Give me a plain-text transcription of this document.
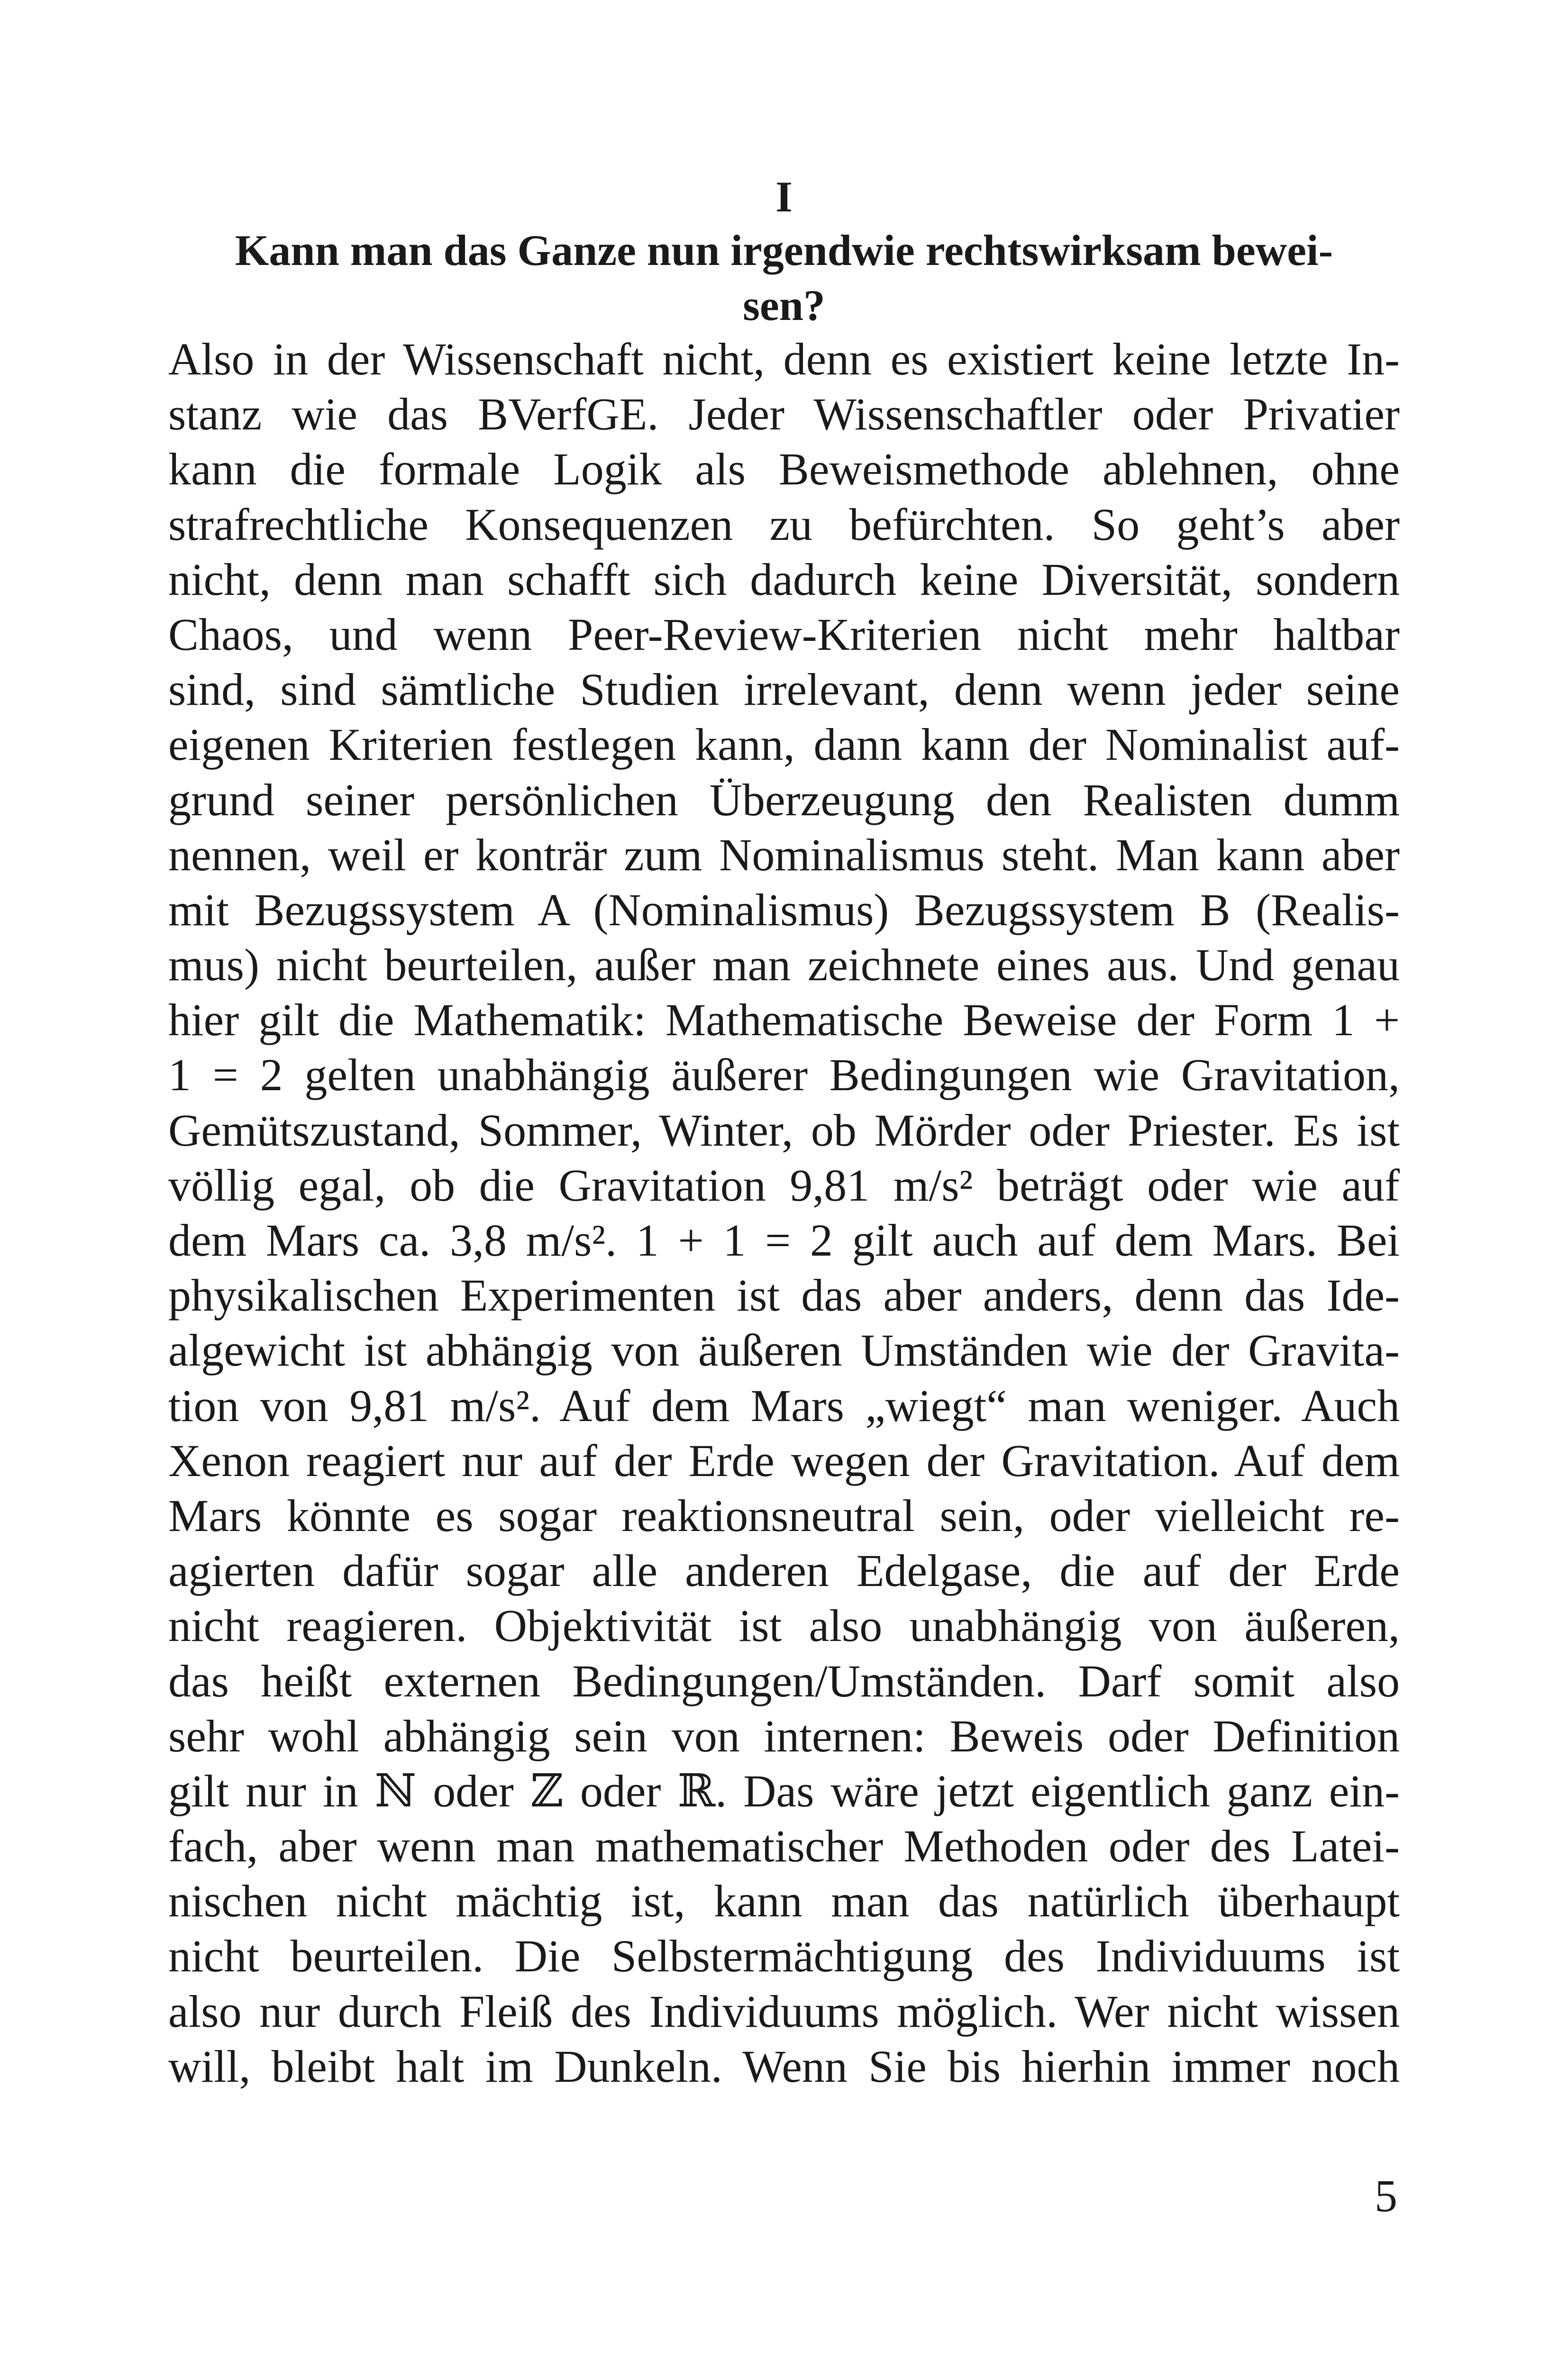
I
Kann man das Ganze nun irgendwie rechtswirksam bewei-
sen?
Also in der Wissenschaft nicht, denn es existiert keine letzte In-
stanz wie das BVerfGE. Jeder Wissenschaftler oder Privatier
kann die formale Logik als Beweismethode ablehnen, ohne
strafrechtliche Konsequenzen zu befürchten. So geht’s aber
nicht, denn man schafft sich dadurch keine Diversität, sondern
Chaos, und wenn Peer-Review-Kriterien nicht mehr haltbar
sind, sind sämtliche Studien irrelevant, denn wenn jeder seine
eigenen Kriterien festlegen kann, dann kann der Nominalist auf-
grund seiner persönlichen Überzeugung den Realisten dumm
nennen, weil er konträr zum Nominalismus steht. Man kann aber
mit Bezugssystem A (Nominalismus) Bezugssystem B (Realis-
mus) nicht beurteilen, außer man zeichnete eines aus. Und genau
hier gilt die Mathematik: Mathematische Beweise der Form 1 +
1 = 2 gelten unabhängig äußerer Bedingungen wie Gravitation,
Gemütszustand, Sommer, Winter, ob Mörder oder Priester. Es ist
völlig egal, ob die Gravitation 9,81 m/s² beträgt oder wie auf
dem Mars ca. 3,8 m/s². 1 + 1 = 2 gilt auch auf dem Mars. Bei
physikalischen Experimenten ist das aber anders, denn das Ide-
algewicht ist abhängig von äußeren Umständen wie der Gravita-
tion von 9,81 m/s². Auf dem Mars „wiegt“ man weniger. Auch
Xenon reagiert nur auf der Erde wegen der Gravitation. Auf dem
Mars könnte es sogar reaktionsneutral sein, oder vielleicht re-
agierten dafür sogar alle anderen Edelgase, die auf der Erde
nicht reagieren. Objektivität ist also unabhängig von äußeren,
das heißt externen Bedingungen/Umständen. Darf somit also
sehr wohl abhängig sein von internen: Beweis oder Definition
gilt nur in ℕ oder ℤ oder ℝ. Das wäre jetzt eigentlich ganz ein-
fach, aber wenn man mathematischer Methoden oder des Latei-
nischen nicht mächtig ist, kann man das natürlich überhaupt
nicht beurteilen. Die Selbstermächtigung des Individuums ist
also nur durch Fleiß des Individuums möglich. Wer nicht wissen
will, bleibt halt im Dunkeln. Wenn Sie bis hierhin immer noch
5
